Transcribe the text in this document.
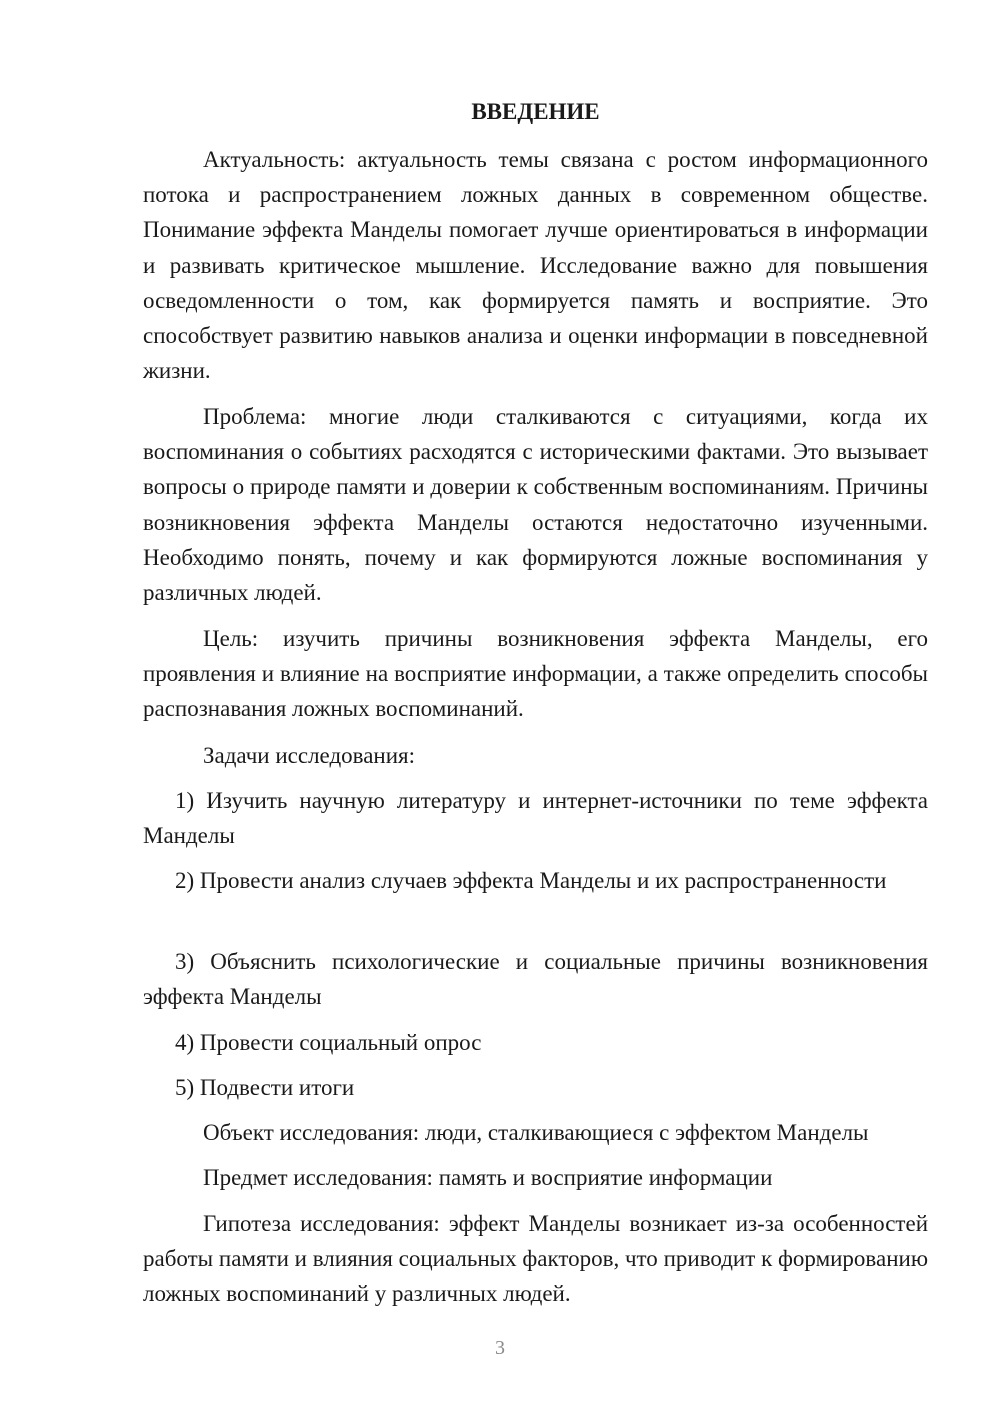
ВВЕДЕНИЕ

Актуальность: актуальность темы связана с ростом информационного потока и распространением ложных данных в современном обществе. Понимание эффекта Манделы помогает лучше ориентироваться в информации и развивать критическое мышление. Исследование важно для повышения осведомленности о том, как формируется память и восприятие. Это способствует развитию навыков анализа и оценки информации в повседневной жизни.

Проблема: многие люди сталкиваются с ситуациями, когда их воспоминания о событиях расходятся с историческими фактами. Это вызывает вопросы о природе памяти и доверии к собственным воспоминаниям. Причины возникновения эффекта Манделы остаются недостаточно изученными. Необходимо понять, почему и как формируются ложные воспоминания у различных людей.

Цель: изучить причины возникновения эффекта Манделы, его проявления и влияние на восприятие информации, а также определить способы распознавания ложных воспоминаний.

Задачи исследования:

1) Изучить научную литературу и интернет-источники по теме эффекта Манделы

2) Провести анализ случаев эффекта Манделы и их распространенности

3) Объяснить психологические и социальные причины возникновения эффекта Манделы

4) Провести социальный опрос

5) Подвести итоги

Объект исследования: люди, сталкивающиеся с эффектом Манделы

Предмет исследования: память и восприятие информации

Гипотеза исследования: эффект Манделы возникает из-за особенностей работы памяти и влияния социальных факторов, что приводит к формированию ложных воспоминаний у различных людей.

3
